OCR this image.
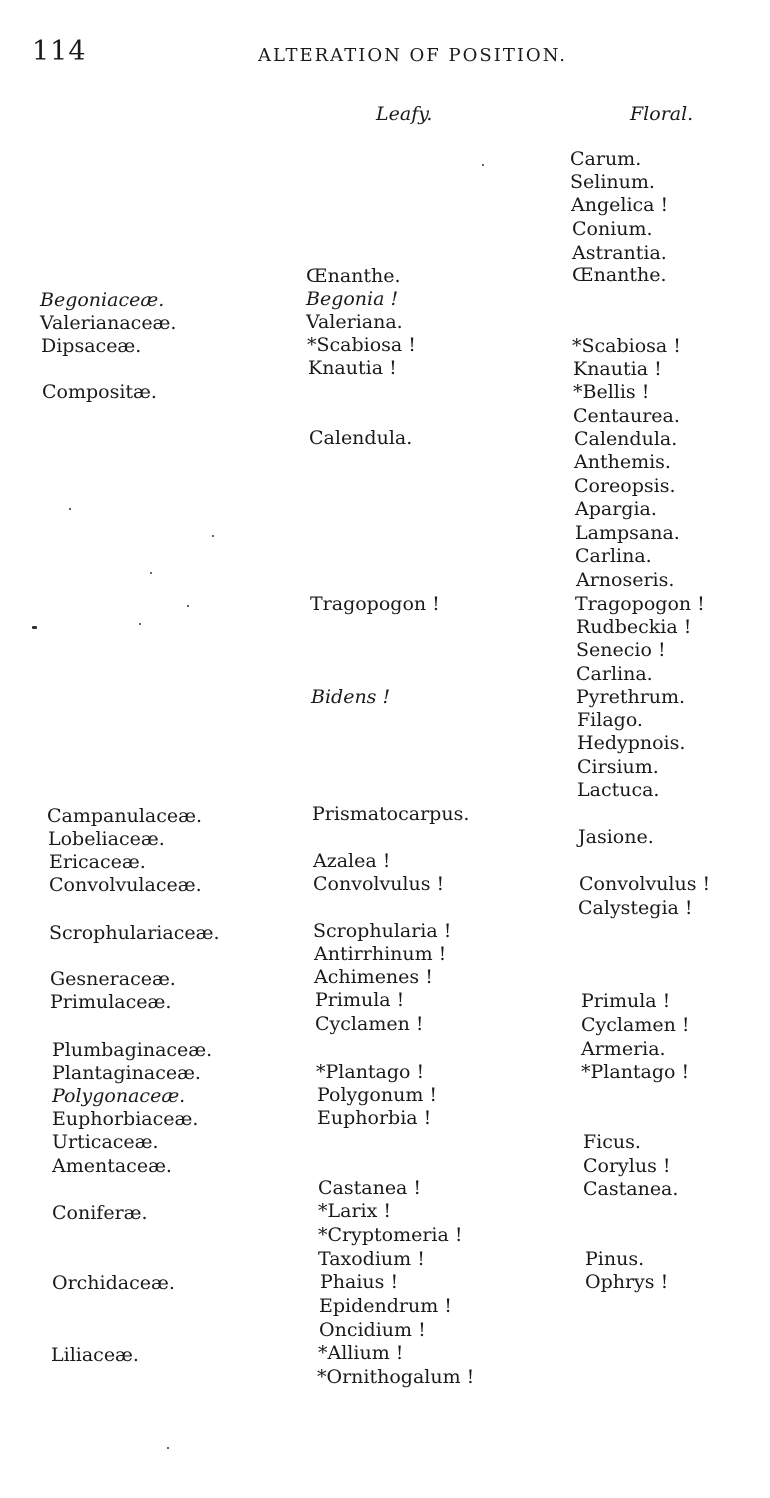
114	ALTERATION OF POSITION.
Leafy.	Floral.
Begoniaceæ.
Valerianaceæ.
Dipsaceæ.
Compositæ.
Campanulaceæ.
Lobeliaceæ.
Ericaceæ.
Convolvulaceæ.
Scrophulariaceæ.
Gesneraceæ.
Primulaceæ.
Plumbaginaceæ.
Plantaginaceæ.
Polygonaceæ.
Euphorbiaceæ.
Urticaceæ.
Amentaceæ.
Coniferæ.
Orchidaceæ.
Liliaceæ.
Œnanthe.
Begonia !
Valeriana.
*Scabiosa !
Knautia !
Calendula.
Tragopogon !
Bidens !
Prismatocarpus.
Azalea !
Convolvulus !
Scrophularia !
Antirrhinum !
Achimenes !
Primula !
Cyclamen !
*Plantago !
Polygonum !
Euphorbia !
Castanea !
*Larix !
*Cryptomeria !
Taxodium !
Phaius !
Epidendrum !
Oncidium !
*Allium !
*Ornithogalum !
Carum.
Selinum.
Angelica !
Conium.
Astrantia.
Œnanthe.
*Scabiosa !
Knautia !
*Bellis !
Centaurea.
Calendula.
Anthemis.
Coreopsis.
Apargia.
Lampsana.
Carlina.
Arnoseris.
Tragopogon !
Rudbeckia !
Senecio !
Carlina.
Pyrethrum.
Filago.
Hedypnois.
Cirsium.
Lactuca.
Jasione.
Convolvulus !
Calystegia !
Primula !
Cyclamen !
Armeria.
*Plantago !
Ficus.
Corylus !
Castanea.
Pinus.
Ophrys !
